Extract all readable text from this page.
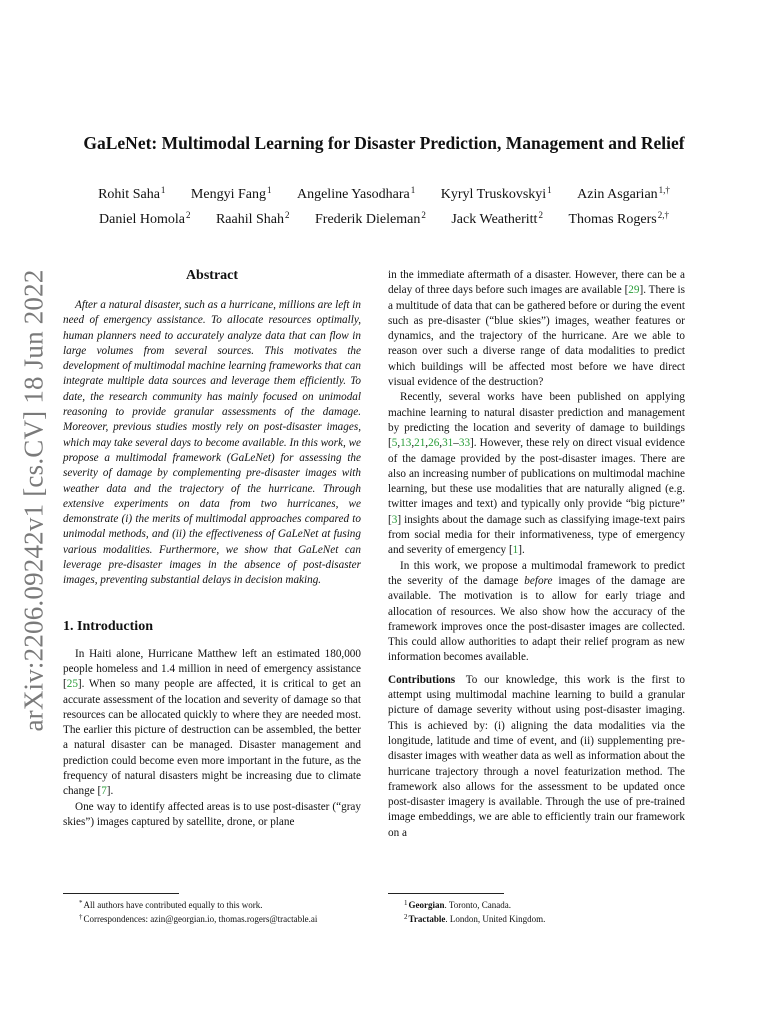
arXiv:2206.09242v1 [cs.CV] 18 Jun 2022
GaLeNet: Multimodal Learning for Disaster Prediction, Management and Relief
Rohit Saha$^1$ Mengyi Fang$^1$ Angeline Yasodhara$^1$ Kyryl Truskovskyi$^1$ Azin Asgarian$^{1,\dagger}$
Daniel Homola$^2$ Raahil Shah$^2$ Frederik Dieleman$^2$ Jack Weatheritt$^2$ Thomas Rogers$^{2,\dagger}$
Abstract

After a natural disaster, such as a hurricane, millions are left in need of emergency assistance. To allocate resources optimally, human planners need to accurately analyze data that can flow in large volumes from several sources. This motivates the development of multimodal machine learning frameworks that can integrate multiple data sources and leverage them efficiently. To date, the research community has mainly focused on unimodal reasoning to provide granular assessments of the damage. Moreover, previous studies mostly rely on post-disaster images, which may take several days to become available. In this work, we propose a multimodal framework (GaLeNet) for assessing the severity of damage by complementing pre-disaster images with weather data and the trajectory of the hurricane. Through extensive experiments on data from two hurricanes, we demonstrate (i) the merits of multimodal approaches compared to unimodal methods, and (ii) the effectiveness of GaLeNet at fusing various modalities. Furthermore, we show that GaLeNet can leverage pre-disaster images in the absence of post-disaster images, preventing substantial delays in decision making.

1. Introduction

In Haiti alone, Hurricane Matthew left an estimated 180,000 people homeless and 1.4 million in need of emergency assistance [25]. When so many people are affected, it is critical to get an accurate assessment of the location and severity of damage so that resources can be allocated quickly to where they are needed most. The earlier this picture of destruction can be assembled, the better a natural disaster can be managed. Disaster management and prediction could become even more important in the future, as the frequency of natural disasters might be increasing due to climate change [7].

One way to identify affected areas is to use post-disaster (“gray skies”) images captured by satellite, drone, or plane

in the immediate aftermath of a disaster. However, there can be a delay of three days before such images are available [29]. There is a multitude of data that can be gathered before or during the event such as pre-disaster (“blue skies”) images, weather features or dynamics, and the trajectory of the hurricane. Are we able to reason over such a diverse range of data modalities to predict which buildings will be affected most before we have direct visual evidence of the destruction?

Recently, several works have been published on applying machine learning to natural disaster prediction and management by predicting the location and severity of damage to buildings [5,13,21,26,31–33]. However, these rely on direct visual evidence of the damage provided by the post-disaster images. There are also an increasing number of publications on multimodal machine learning, but these use modalities that are naturally aligned (e.g. twitter images and text) and typically only provide “big picture” [3] insights about the damage such as classifying image-text pairs from social media for their informativeness, type of emergency and severity of emergency [1].

In this work, we propose a multimodal framework to predict the severity of the damage before images of the damage are available. The motivation is to allow for early triage and allocation of resources. We also show how the accuracy of the framework improves once the post-disaster images are collected. This could allow authorities to adapt their relief program as new information becomes available.

Contributions To our knowledge, this work is the first to attempt using multimodal machine learning to build a granular picture of damage severity without using post-disaster imaging. This is achieved by: (i) aligning the data modalities via the longitude, latitude and time of event, and (ii) supplementing pre-disaster images with weather data as well as information about the hurricane trajectory through a novel featurization method. The framework also allows for the assessment to be updated once post-disaster imagery is available. Through the use of pre-trained image embeddings, we are able to efficiently train our framework on a

*All authors have contributed equally to this work.

†Correspondences: azin@georgian.io, thomas.rogers@tractable.ai

$^1$Georgian. Toronto, Canada.

$^2$Tractable. London, United Kingdom.
